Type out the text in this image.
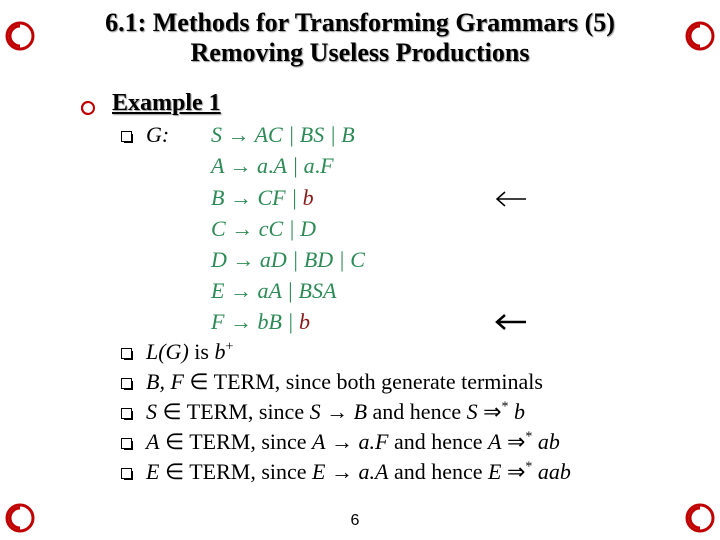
6.1: Methods for Transforming Grammars (5)
Removing Useless Productions
Example 1
G: S → AC | BS | B
A → a.A | a.F
B → CF | b
C → cC | D
D → aD | BD | C
E → aA | BSA
F → bB | b
L(G) is b+
B, F ∈ TERM, since both generate terminals
S ∈ TERM, since S → B and hence S ⇒* b
A ∈ TERM, since A → a.F and hence A ⇒* ab
E ∈ TERM, since E → a.A and hence E ⇒* aab
6
